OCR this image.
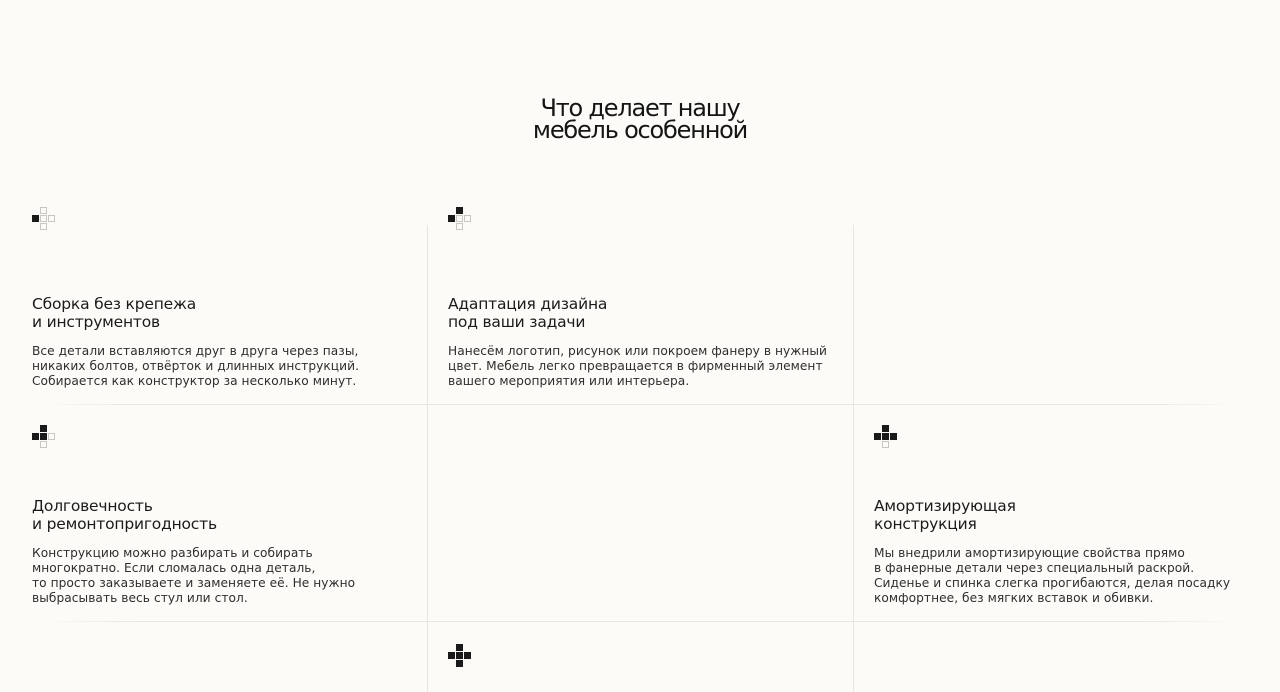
Что делает нашу
мебель особенной
Сборка без крепежа
и инструментов

Все детали вставляются друг в друга через пазы,
никаких болтов, отвёрток и длинных инструкций.
Собирается как конструктор за несколько минут.

Адаптация дизайна
под ваши задачи

Нанесём логотип, рисунок или покроем фанеру в нужный
цвет. Мебель легко превращается в фирменный элемент
вашего мероприятия или интерьера.

Долговечность
и ремонтопригодность

Конструкцию можно разбирать и собирать
многократно. Если сломалась одна деталь,
то просто заказываете и заменяете её. Не нужно
выбрасывать весь стул или стол.

Амортизирующая
конструкция

Мы внедрили амортизирующие свойства прямо
в фанерные детали через специальный раскрой.
Сиденье и спинка слегка прогибаются, делая посадку
комфортнее, без мягких вставок и обивки.
